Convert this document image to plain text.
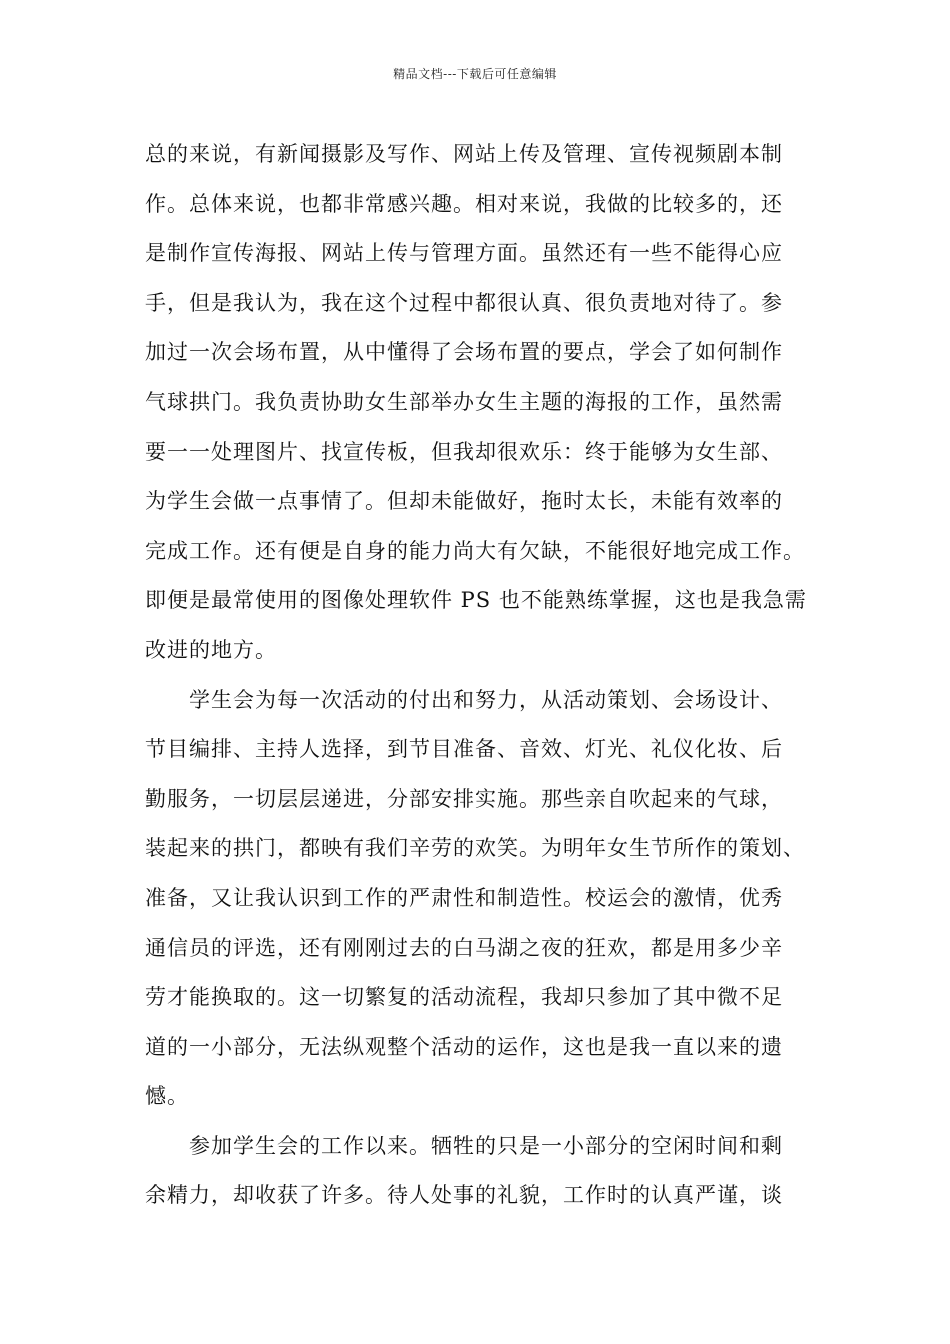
精品文档---下载后可任意编辑
总的来说，有新闻摄影及写作、网站上传及管理、宣传视频剧本制
作。总体来说，也都非常感兴趣。相对来说，我做的比较多的，还
是制作宣传海报、网站上传与管理方面。虽然还有一些不能得心应
手，但是我认为，我在这个过程中都很认真、很负责地对待了。参
加过一次会场布置，从中懂得了会场布置的要点，学会了如何制作
气球拱门。我负责协助女生部举办女生主题的海报的工作，虽然需
要一一处理图片、找宣传板，但我却很欢乐：终于能够为女生部、
为学生会做一点事情了。但却未能做好，拖时太长，未能有效率的
完成工作。还有便是自身的能力尚大有欠缺，不能很好地完成工作。
即便是最常使用的图像处理软件 PS 也不能熟练掌握，这也是我急需
改进的地方。
学生会为每一次活动的付出和努力，从活动策划、会场设计、
节目编排、主持人选择，到节目准备、音效、灯光、礼仪化妆、后
勤服务，一切层层递进，分部安排实施。那些亲自吹起来的气球，
装起来的拱门，都映有我们辛劳的欢笑。为明年女生节所作的策划、
准备，又让我认识到工作的严肃性和制造性。校运会的激情，优秀
通信员的评选，还有刚刚过去的白马湖之夜的狂欢，都是用多少辛
劳才能换取的。这一切繁复的活动流程，我却只参加了其中微不足
道的一小部分，无法纵观整个活动的运作，这也是我一直以来的遗
憾。
参加学生会的工作以来。牺牲的只是一小部分的空闲时间和剩
余精力，却收获了许多。待人处事的礼貌，工作时的认真严谨，谈
